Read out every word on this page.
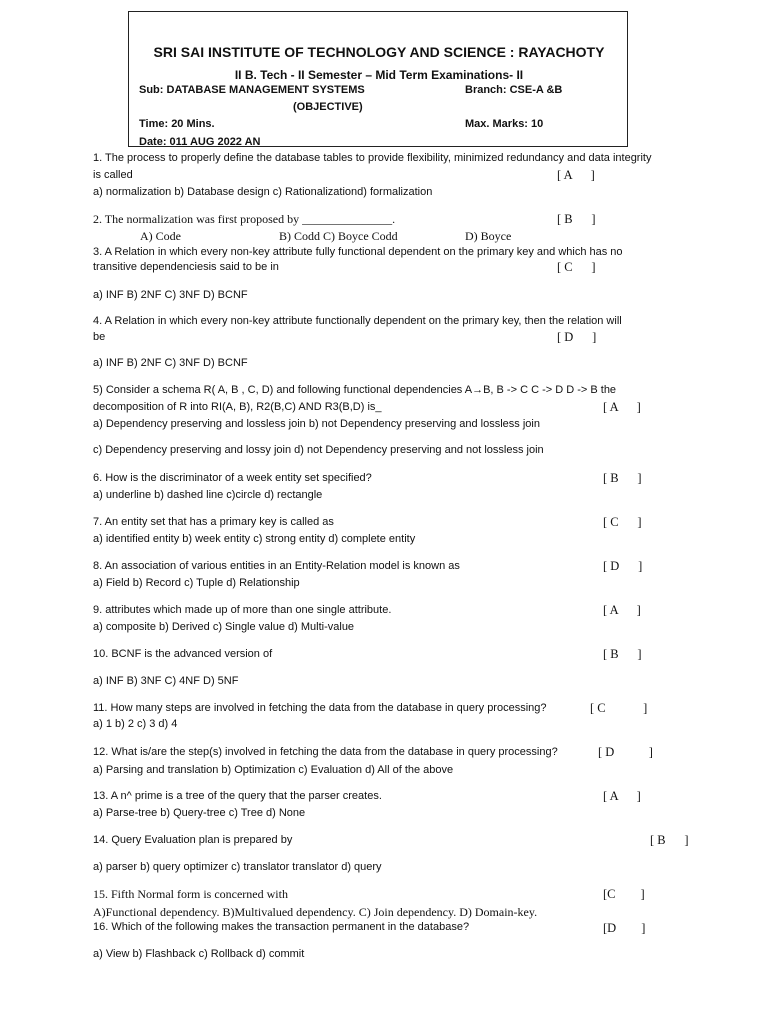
SRI SAI INSTITUTE OF TECHNOLOGY AND SCIENCE : RAYACHOTY
II B. Tech - II Semester – Mid Term Examinations- II
Sub: DATABASE MANAGEMENT SYSTEMS	Branch: CSE-A &B
(OBJECTIVE)
Time: 20 Mins.	Max. Marks: 10
Date: 011 AUG 2022 AN
1. The process to properly define the database tables to provide flexibility, minimized redundancy and data integrity
is called	[ A      ]
a) normalization b) Database design c) Rationalizationd) formalization
2. The normalization was first proposed by _______________.	[ B      ]
A) Code	B) Codd C) Boyce Codd	D) Boyce
3. A Relation in which every non-key attribute fully functional dependent on the primary key and which has no
transitive dependenciesis said to be in	[ C      ]
a) INF B) 2NF C) 3NF D) BCNF
4. A Relation in which every non-key attribute functionally dependent on the primary key, then the relation will
be	[ D      ]
a) INF B) 2NF C) 3NF D) BCNF
5) Consider a schema R( A, B , C, D) and following functional dependencies A→B, B -> C C -> D D -> B the
decomposition of R into RI(A, B), R2(B,C) AND R3(B,D) is_	[ A      ]
a) Dependency preserving and lossless join b) not Dependency preserving and lossless join
c) Dependency preserving and lossy join d) not Dependency preserving and not lossless join
6. How is the discriminator of a week entity set specified?	[ B      ]
a) underline b) dashed line c)circle d) rectangle
7. An entity set that has a primary key is called as	[ C      ]
a) identified entity b) week entity c) strong entity d) complete entity
8. An association of various entities in an Entity-Relation model is known as	[ D      ]
a) Field b) Record c) Tuple d) Relationship
9. attributes which made up of more than one single attribute.	[ A      ]
a) composite b) Derived c) Single value d) Multi-value
10. BCNF is the advanced version of	[ B      ]
a) INF B) 3NF C) 4NF D) 5NF
11. How many steps are involved in fetching the data from the database in query processing?	[ C            ]
a) 1 b) 2 c) 3 d) 4
12. What is/are the step(s) involved in fetching the data from the database in query processing?	[ D           ]
a) Parsing and translation b) Optimization c) Evaluation d) All of the above
13. A n^ prime is a tree of the query that the parser creates.	[ A      ]
a) Parse-tree b) Query-tree c) Tree d) None
14. Query Evaluation plan is prepared by	[ B      ]
a) parser b) query optimizer c) translator translator d) query
15. Fifth Normal form is concerned with	[C        ]
A)Functional dependency. B)Multivalued dependency. C) Join dependency. D) Domain-key.
16. Which of the following makes the transaction permanent in the database?	[D        ]
a) View b) Flashback c) Rollback d) commit
